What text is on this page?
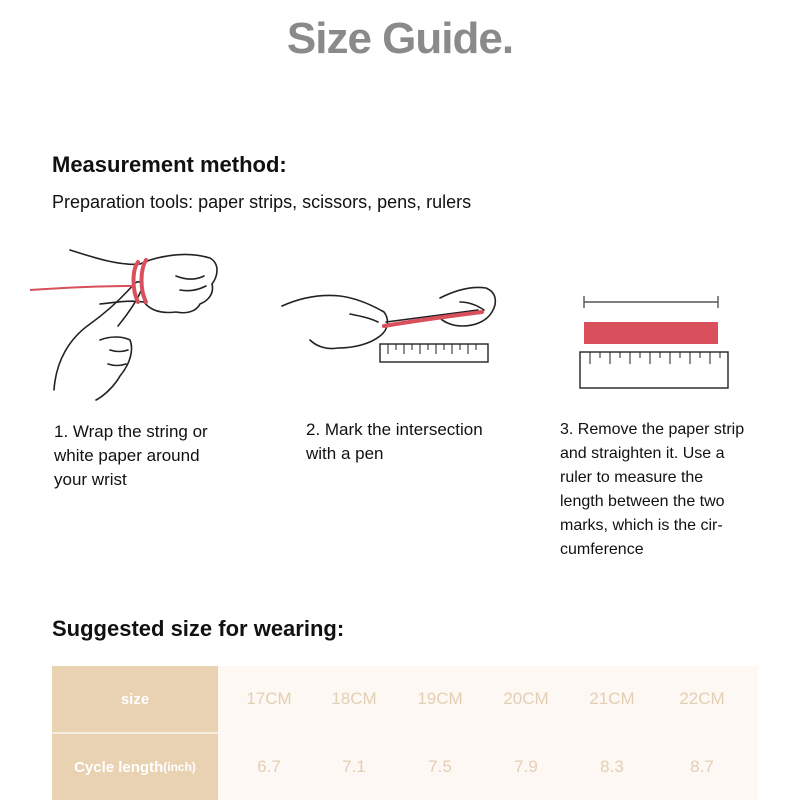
Size Guide.
Measurement method:
Preparation tools: paper strips, scissors, pens, rulers
1. Wrap the string or
white paper around
your wrist
2. Mark the intersection
with a pen
3. Remove the paper strip
and straighten it. Use a
ruler to measure the
length between the two
marks, which is the cir-
cumference
Suggested size for wearing:
size	17CM	18CM	19CM	20CM	21CM	22CM
Cycle length (inch)	6.7	7.1	7.5	7.9	8.3	8.7
